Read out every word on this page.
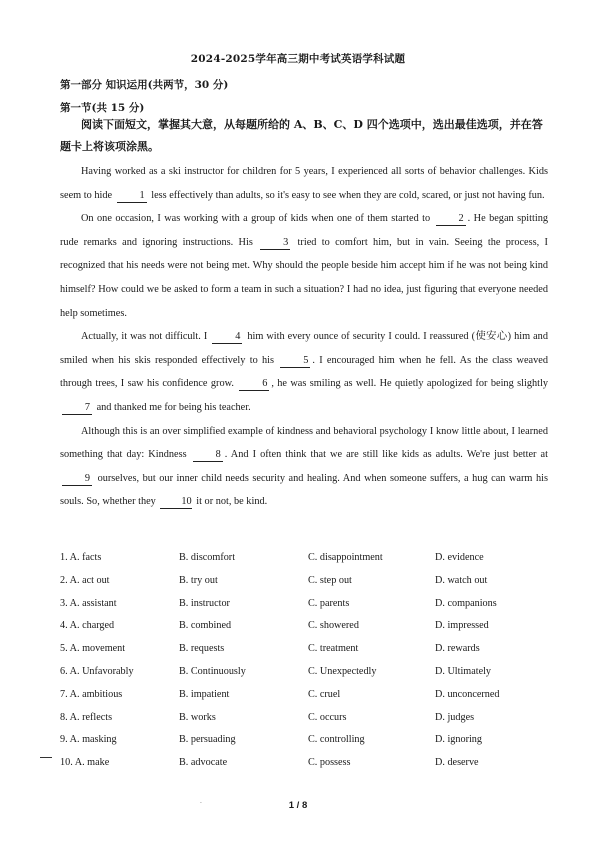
2024-2025学年高三期中考试英语学科试题
第一部分 知识运用(共两节，30 分)
第一节(共 15 分)
阅读下面短文，掌握其大意，从每题所给的 A、B、C、D 四个选项中，选出最佳选项，并在答题卡上将该项涂黑。

Having worked as a ski instructor for children for 5 years, I experienced all sorts of behavior challenges. Kids seem to hide	1 less effectively than adults, so it's easy to see when they are cold, scared, or just not having fun.

On one occasion, I was working with a group of kids when one of them started to	2 . He began spitting rude remarks and ignoring instructions. His	3 tried to comfort him, but in vain. Seeing the process, I recognized that his needs were not being met. Why should the people beside him accept him if he was not being kind himself? How could we be asked to form a team in such a situation? I had no idea, just figuring that everyone needed help sometimes.

Actually, it was not difficult. I	4 him with every ounce of security I could. I reassured (使安心) him and smiled when his skis responded effectively to his	5 . I encouraged him when he fell. As the class weaved through trees, I saw his confidence grow.	6 , he was smiling as well. He quietly apologized for being slightly 7 and thanked me for being his teacher.

Although this is an over simplified example of kindness and behavioral psychology I know little about, I learned something that day: Kindness	8 . And I often think that we are still like kids as adults. We're just better at 9 ourselves, but our inner child needs security and healing. And when someone suffers, a hug can warm his souls. So, whether they 10 it or not, be kind.

1. A. facts	B. discomfort	C. disappointment	D. evidence
2. A. act out	B. try out	C. step out	D. watch out
3. A. assistant	B. instructor	C. parents	D. companions
4. A. charged	B. combined	C. showered	D. impressed
5. A. movement	B. requests	C. treatment	D. rewards
6. A. Unfavorably	B. Continuously	C. Unexpectedly	D. Ultimately
7. A. ambitious	B. impatient	C. cruel	D. unconcerned
8. A. reflects	B. works	C. occurs	D. judges
9. A. masking	B. persuading	C. controlling	D. ignoring
10. A. make	B. advocate	C. possess	D. deserve
·	1 / 8
